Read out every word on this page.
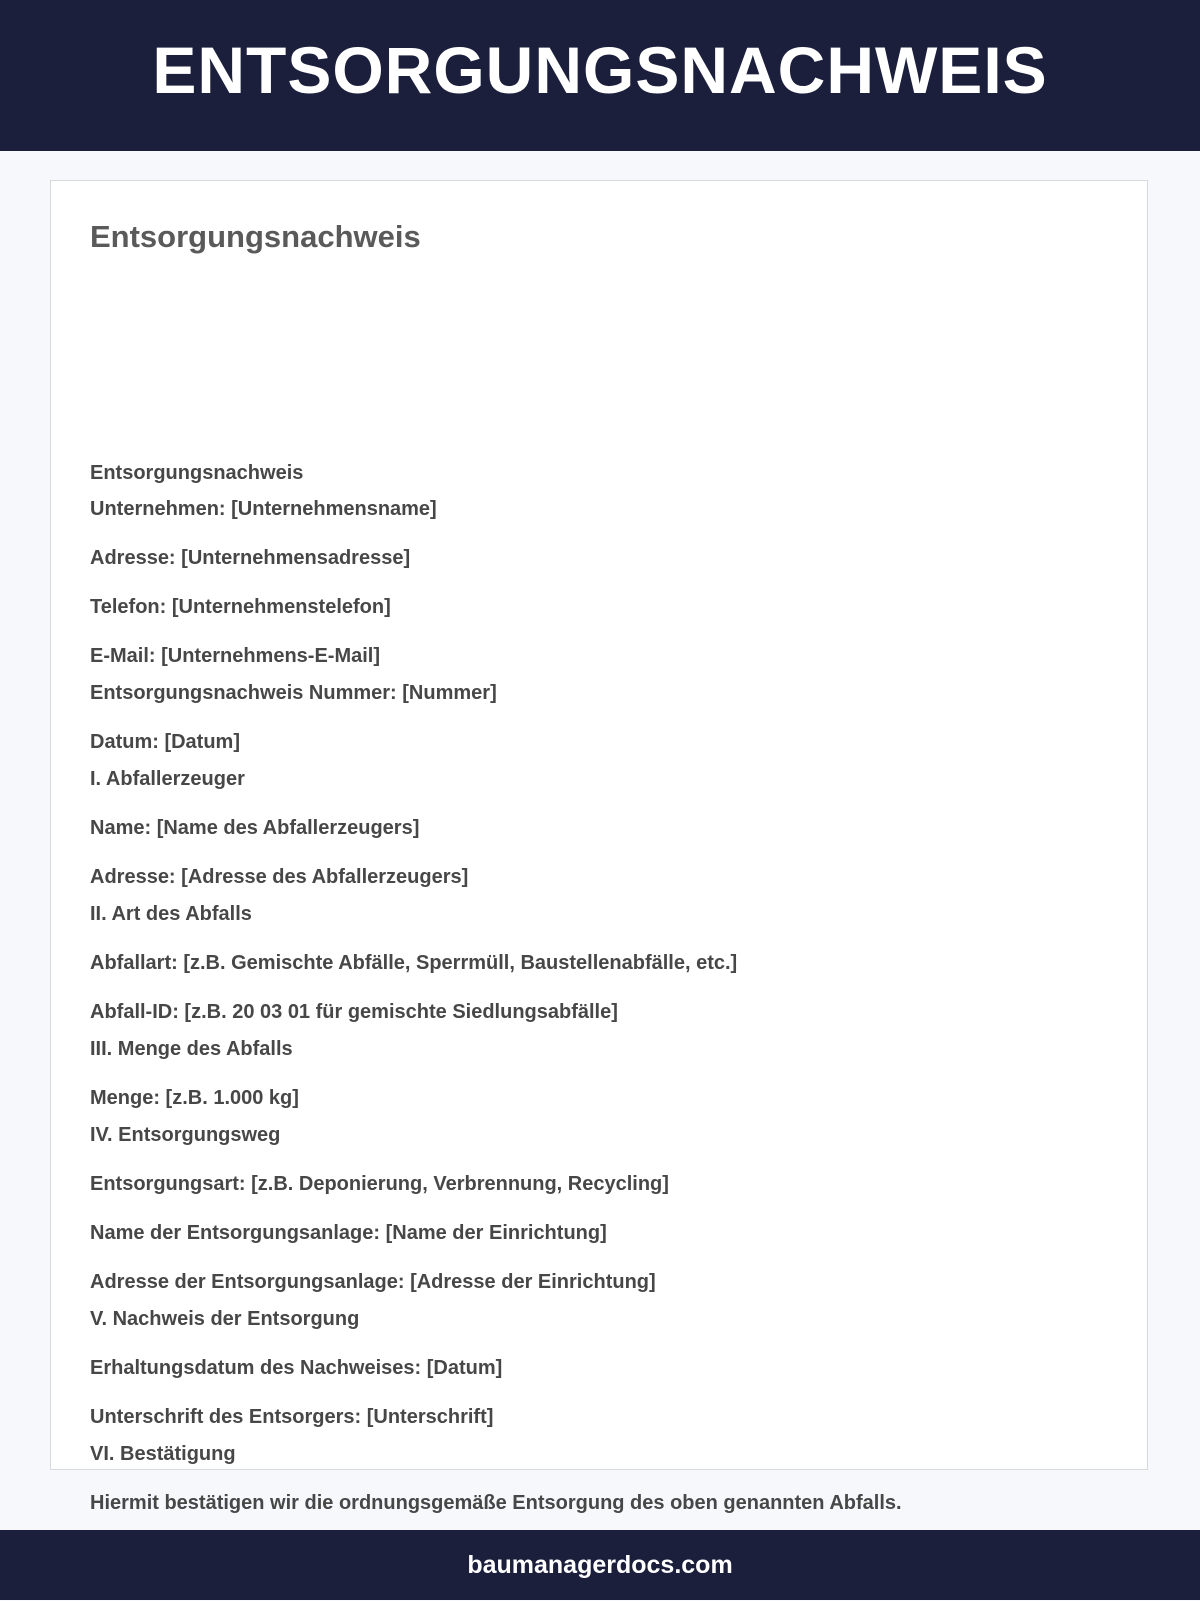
ENTSORGUNGSNACHWEIS
Entsorgungsnachweis

Entsorgungsnachweis

Unternehmen: [Unternehmensname]

Adresse: [Unternehmensadresse]

Telefon: [Unternehmenstelefon]

E-Mail: [Unternehmens-E-Mail]

Entsorgungsnachweis Nummer: [Nummer]

Datum: [Datum]

I. Abfallerzeuger

Name: [Name des Abfallerzeugers]

Adresse: [Adresse des Abfallerzeugers]

II. Art des Abfalls

Abfallart: [z.B. Gemischte Abfälle, Sperrmüll, Baustellenabfälle, etc.]

Abfall-ID: [z.B. 20 03 01 für gemischte Siedlungsabfälle]

III. Menge des Abfalls

Menge: [z.B. 1.000 kg]

IV. Entsorgungsweg

Entsorgungsart: [z.B. Deponierung, Verbrennung, Recycling]

Name der Entsorgungsanlage: [Name der Einrichtung]

Adresse der Entsorgungsanlage: [Adresse der Einrichtung]

V. Nachweis der Entsorgung

Erhaltungsdatum des Nachweises: [Datum]

Unterschrift des Entsorgers: [Unterschrift]

VI. Bestätigung

Hiermit bestätigen wir die ordnungsgemäße Entsorgung des oben genannten Abfalls.

baumanagerdocs.com
